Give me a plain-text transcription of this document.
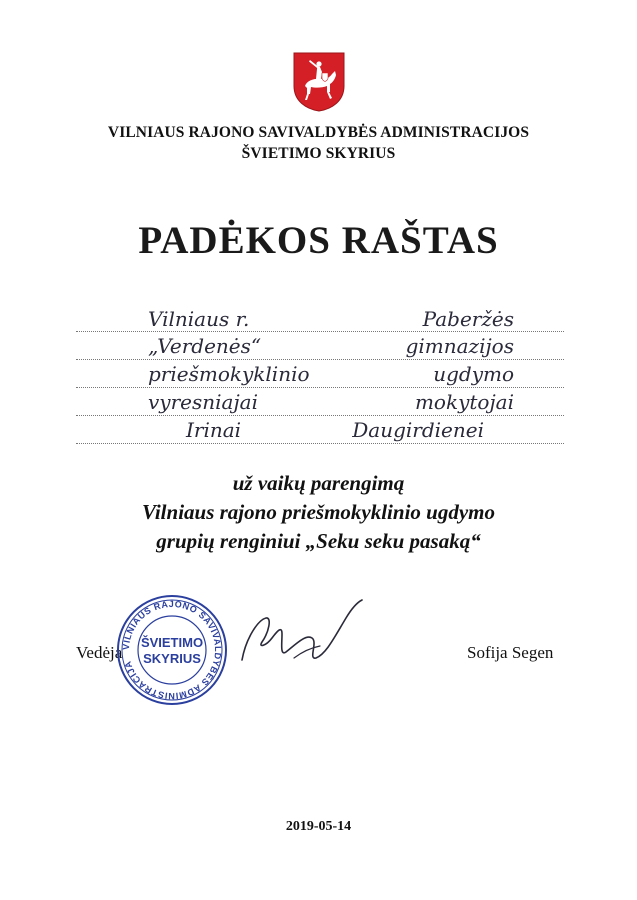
VILNIAUS RAJONO SAVIVALDYBĖS ADMINISTRACIJOS
ŠVIETIMO SKYRIUS
PADĖKOS RAŠTAS
Vilniaus r.	Paberžės
„Verdenės“	gimnazijos
priešmokyklinio	ugdymo
vyresniajai	mokytojai
Irinai	Daugirdienei
už vaikų parengimą
Vilniaus rajono priešmokyklinio ugdymo
grupių renginiui „Seku seku pasaką“
Vedėja
VILNIAUS RAJONO SAVIVALDYBĖS ADMINISTRACIJA
ŠVIETIMO
SKYRIUS	Sofija Segen
2019-05-14
